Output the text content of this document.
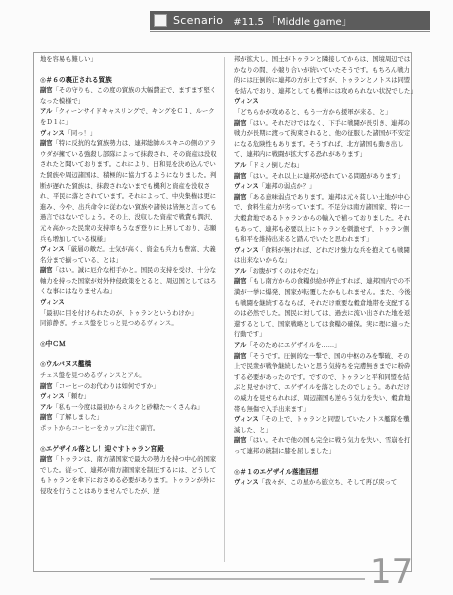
Scenario #11.5 「Middle game」

地を容易も難しい」

◎＃６の裏正される貿族

副官「その守りも、この度の貿族の大幅費正で、ますます堅くなった模様で」

アル「クィーンサイドキャスリングで、キングをＣ１、ルークをＤ１に」

ヴィンス「同っ！」

副官「特に反抗的な貿族勢力は、連邦総帥ルスキニの側のアラウダが擁ている強殺し部隊によって抹殺され、その資産は没収されたと聞いております。これにより、日和見を決め込んでいた貿族や周辺諸国は、積極的に協力するようになりました。判断が遅れた貿族は、抹殺されないまでも機利と資産を没収され、平民に落とされています。それによって、中央集権は更に進み、今や、出兵命令に従わない貿族や諸侯は皆無と言っても過言ではないでしょう。その上、没収した資産で戦費も潤沢、元々高かった民衆の支持率もうなぎ登りに上昇しており、志願兵も増加している模様」

ヴィンス「厳層の敵だ。士気が高く、資金も兵力も豊富、大義名分まで揃っている、とは」

副官「はい。誠に厄介な相手かと。国民の支持を受け、十分な軸力を持った国家が対外仲侵政策をとると、周辺国としてはろくな事にはなりませんね」

ヴィンス「最初に目を付けられたのが、トゥランというわけか」

同節静ぎ。チェス盤をじっと見つめるヴィンス。

◎中ＣＭ
◎ウルバヌス艦橋

チェス盤を見つめるヴィンスとアル。

副官「コーヒーのお代わりは如何ですか」

ヴィンス「頼む」

アル「私も一今度は最初からミルクと砂糖た～くさんね」

副官「了解しました」

ポットからコーヒーをカップに注ぐ副官。

◎エゲザイル落とし！迎ぐすトゥラン宮殿

副官「トゥランは、南方諸国家で最大の勢力を持つ中心的国家でした。従って、連邦が南方諸国家を制圧するには、どうしてもトゥランを傘下におさめる必要があります。トゥランが外に侵攻を行うことはありませんでしたが、逆

邦が拡大し、国土がトゥランと隣接してからは、国境周辺ではかなりの間、小競り合いが続いていたそうです。もちろん戦力的には圧倒的に連邦の方が上ですが、トゥランとノトスは同盟を結んでおり、連邦としても機単には攻められない状況でした」

ヴィンス「どちらかが攻めると、もう一方から援軍が来る、と」

副官「はい。それだけではなく、下手に戦闘が長引き、連邦の戦力が長期に渡って拘束されると、他の征服した諸国が不安定になる危険性もあります。そうすれば、北方諸国も動き出して、連邦内に戦闘が拡大する恐れがあります」

アル「ドミノ倒しだね」

副官「はい。それ以上に連邦が恐れている問題があります」

ヴィンス「連邦の弱点か？」

副官「ある意味弱点であります。連邦は元々貧しい土地が中心で、食料生産力が劣っています。不足分は南方諸国家、特に一大穀倉地であるトゥランからの輸入で補っておりました。それもあって、連邦も必要以上にトゥランを刺激せず、トゥラン側も和平を維持出来ると踏んでいたと思われます」

ヴィンス「食料が無ければ、どれだけ強力な兵を抱えても戦闘は出来ないからな」

アル「お腹がすくのはやだな」

副官「もし南方からの食糧供給が停止すれば、連邦国内での不満が一挙に爆発、国家が転覆したかもしれません。また、今後も戦闘を継続するならば、それだけ重要な穀倉地帯を支配するのは必然でした。国民に対しては、過去に流い出された地を返還するとして、国家戦略としては食糧の確保。実に理に適った行動です」

アル「そのためにエゲザイルを……」

副官「そうです。圧倒的な一撃で、国の中枢のみを撃破、その上で民衆が戦争継続したいと思う気持ちを完膚無きまでに粉砕する必要があったのです。ですので、トゥランと平和同盟を結ぶと見せかけて、エゲザイルを落としたのでしょう。あれだけの威力を見せられれば、周辺諸国も逆らう気力を失い、穀倉地帯も無傷で入手出来ます」

ヴィンス「その上で、トゥランと同盟していたノトス艦隊を殲滅した、と」

副官「はい。それで他の国も完全に戦う気力を失い、雪崩を打って連邦の統制に膝を屈しました」

◎＃１のエゲザイル落進回想

ヴィンス「我々が、この星から旅立ち、そして再び戻って

17
